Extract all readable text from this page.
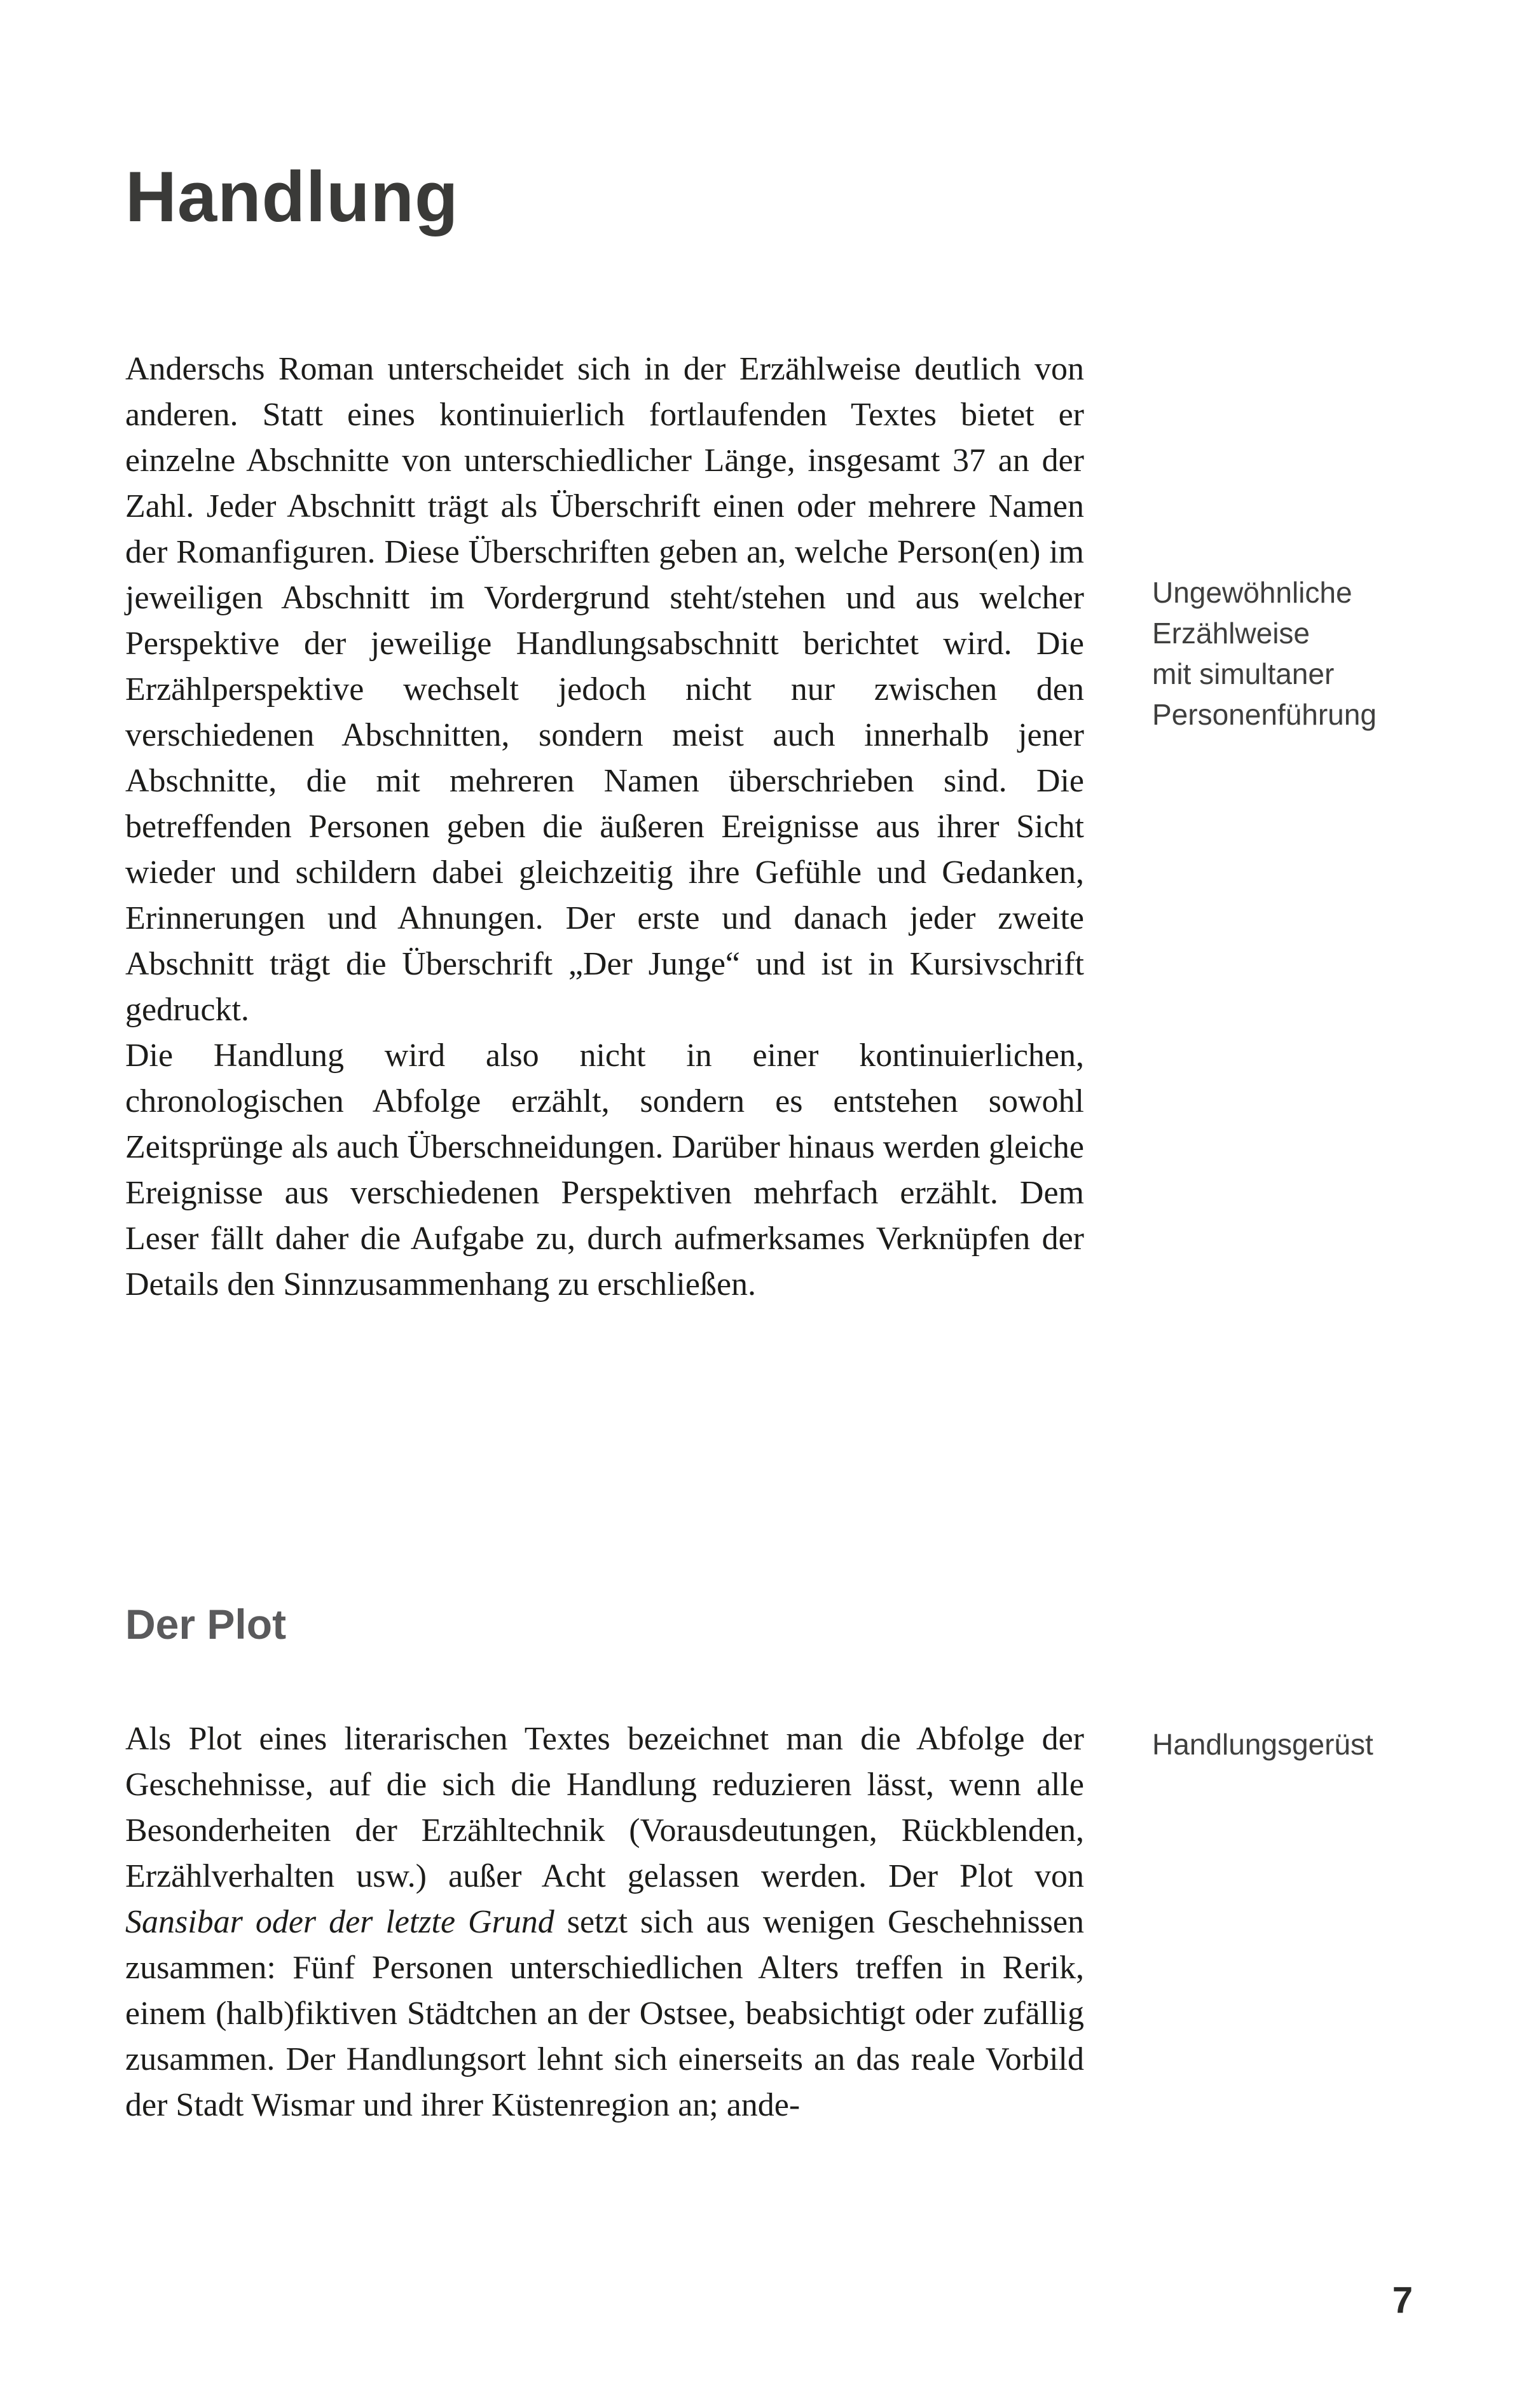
Handlung

Anderschs Roman unterscheidet sich in der Erzählweise deutlich von anderen. Statt eines kontinuierlich fortlaufenden Textes bietet er einzelne Abschnitte von unterschiedlicher Länge, insgesamt 37 an der Zahl. Jeder Abschnitt trägt als Überschrift einen oder mehrere Namen der Romanfiguren. Diese Überschriften geben an, welche Person(en) im jeweiligen Abschnitt im Vordergrund steht/stehen und aus welcher Perspektive der jeweilige Handlungsabschnitt berichtet wird. Die Erzählperspektive wechselt jedoch nicht nur zwischen den verschiedenen Abschnitten, sondern meist auch innerhalb jener Abschnitte, die mit mehreren Namen überschrieben sind. Die betreffenden Personen geben die äußeren Ereignisse aus ihrer Sicht wieder und schildern dabei gleichzeitig ihre Gefühle und Gedanken, Erinnerungen und Ahnungen. Der erste und danach jeder zweite Abschnitt trägt die Überschrift „Der Junge“ und ist in Kursivschrift gedruckt.

Die Handlung wird also nicht in einer kontinuierlichen, chronologischen Abfolge erzählt, sondern es entstehen sowohl Zeitsprünge als auch Überschneidungen. Darüber hinaus werden gleiche Ereignisse aus verschiedenen Perspektiven mehrfach erzählt. Dem Leser fällt daher die Aufgabe zu, durch aufmerksames Verknüpfen der Details den Sinnzusammenhang zu erschließen.

Ungewöhnliche
Erzählweise
mit simultaner
Personenführung
Der Plot
Handlungsgerüst

Als Plot eines literarischen Textes bezeichnet man die Abfolge der Geschehnisse, auf die sich die Handlung reduzieren lässt, wenn alle Besonderheiten der Erzähltechnik (Vorausdeutungen, Rückblenden, Erzählverhalten usw.) außer Acht gelassen werden. Der Plot von Sansibar oder der letzte Grund setzt sich aus wenigen Geschehnissen zusammen: Fünf Personen unterschiedlichen Alters treffen in Rerik, einem (halb)fiktiven Städtchen an der Ostsee, beabsichtigt oder zufällig zusammen. Der Handlungsort lehnt sich einerseits an das reale Vorbild der Stadt Wismar und ihrer Küstenregion an; ande-

7
